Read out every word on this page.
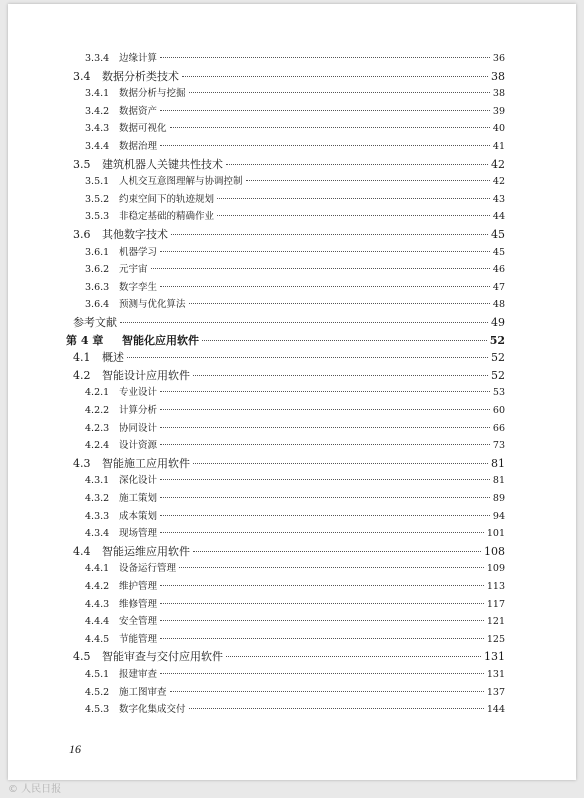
3.3.4	边缘计算	36
3.4	数据分析类技术	38
3.4.1	数据分析与挖掘	38
3.4.2	数据资产	39
3.4.3	数据可视化	40
3.4.4	数据治理	41
3.5	建筑机器人关键共性技术	42
3.5.1	人机交互意图理解与协调控制	42
3.5.2	约束空间下的轨迹规划	43
3.5.3	非稳定基础的精确作业	44
3.6	其他数字技术	45
3.6.1	机器学习	45
3.6.2	元宇宙	46
3.6.3	数字孪生	47
3.6.4	预测与优化算法	48
参考文献	49
第 4 章	智能化应用软件	52
4.1	概述	52
4.2	智能设计应用软件	52
4.2.1	专业设计	53
4.2.2	计算分析	60
4.2.3	协同设计	66
4.2.4	设计资源	73
4.3	智能施工应用软件	81
4.3.1	深化设计	81
4.3.2	施工策划	89
4.3.3	成本策划	94
4.3.4	现场管理	101
4.4	智能运维应用软件	108
4.4.1	设备运行管理	109
4.4.2	维护管理	113
4.4.3	维修管理	117
4.4.4	安全管理	121
4.4.5	节能管理	125
4.5	智能审查与交付应用软件	131
4.5.1	报建审查	131
4.5.2	施工图审查	137
4.5.3	数字化集成交付	144
16
© 人民日报
